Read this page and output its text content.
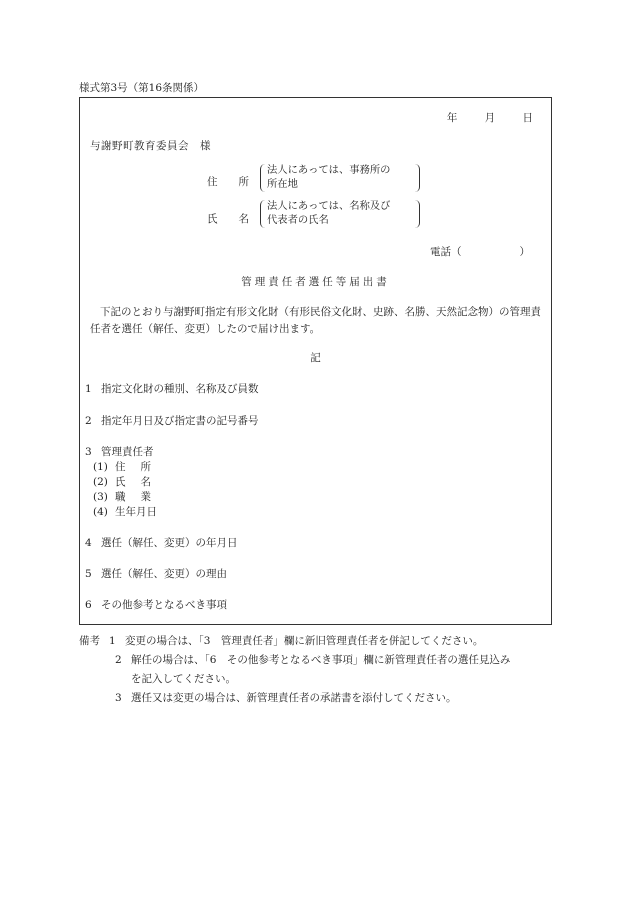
様式第3号（第16条関係）
年	月	日
与謝野町教育委員会　様
住　所
法人にあっては、事務所の
所在地
氏　名
法人にあっては、名称及び
代表者の氏名
電話（	）
管理責任者選任等届出書
下記のとおり与謝野町指定有形文化財（有形民俗文化財、史跡、名勝、天然記念物）の管理責任者を選任（解任、変更）したので届け出ます。
記
1 指定文化財の種別、名称及び員数
2 指定年月日及び指定書の記号番号
3 管理責任者
(1) 住所
(2) 氏名
(3) 職業
(4) 生年月日
4 選任（解任、変更）の年月日
5 選任（解任、変更）の理由
6 その他参考となるべき事項
備考 1 変更の場合は、「3　管理責任者」欄に新旧管理責任者を併記してください。
2 解任の場合は、「6　その他参考となるべき事項」欄に新管理責任者の選任見込み
を記入してください。
3 選任又は変更の場合は、新管理責任者の承諾書を添付してください。
